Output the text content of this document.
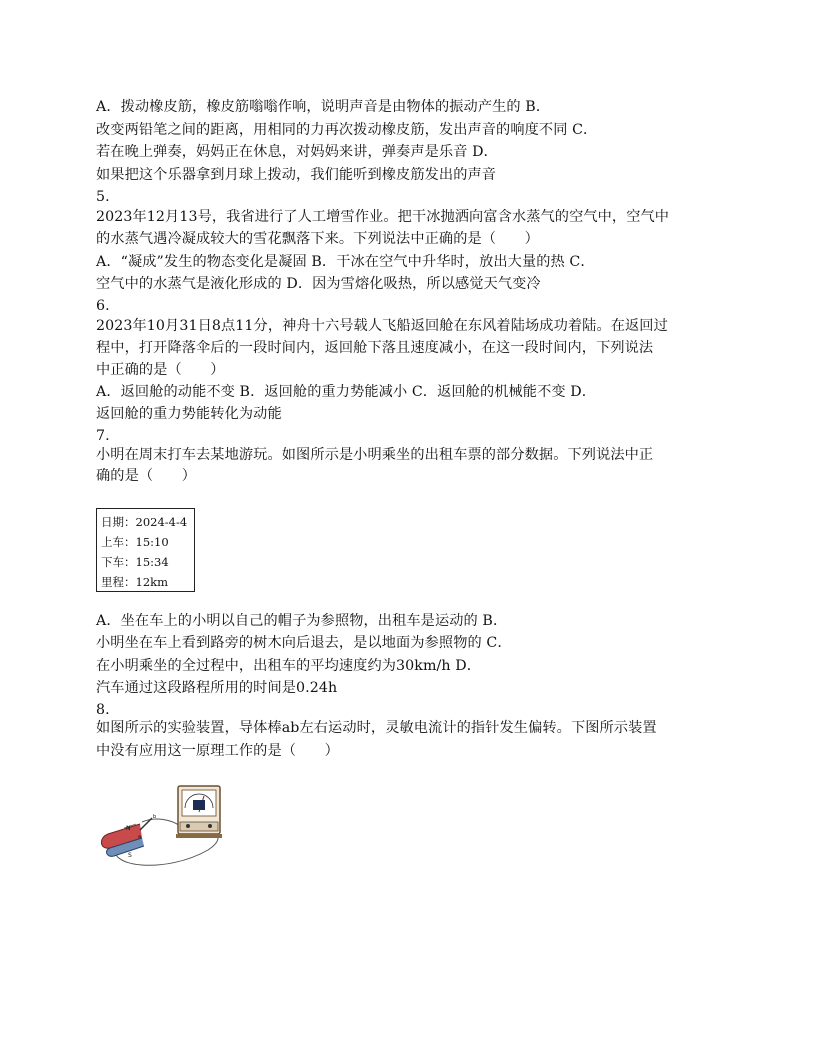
A．拨动橡皮筋，橡皮筋嗡嗡作响，说明声音是由物体的振动产生的 B．
改变两铅笔之间的距离，用相同的力再次拨动橡皮筋，发出声音的响度不同 C．
若在晚上弹奏，妈妈正在休息，对妈妈来讲，弹奏声是乐音 D．
如果把这个乐器拿到月球上拨动，我们能听到橡皮筋发出的声音
5.
2023年12月13号，我省进行了人工增雪作业。把干冰抛洒向富含水蒸气的空气中，空气中
的水蒸气遇冷凝成较大的雪花飘落下来。下列说法中正确的是（　　）
A．“凝成”发生的物态变化是凝固 B．干冰在空气中升华时，放出大量的热 C．
空气中的水蒸气是液化形成的 D．因为雪熔化吸热，所以感觉天气变冷
6.
2023年10月31日8点11分，神舟十六号载人飞船返回舱在东风着陆场成功着陆。在返回过
程中，打开降落伞后的一段时间内，返回舱下落且速度减小，在这一段时间内，下列说法
中正确的是（　　）
A．返回舱的动能不变 B．返回舱的重力势能减小 C．返回舱的机械能不变 D．
返回舱的重力势能转化为动能
7.
小明在周末打车去某地游玩。如图所示是小明乘坐的出租车票的部分数据。下列说法中正
确的是（　　）
日期：2024-4-4
上车：15:10
下车：15:34
里程：12km
A．坐在车上的小明以自己的帽子为参照物，出租车是运动的 B．
小明坐在车上看到路旁的树木向后退去，是以地面为参照物的 C．
在小明乘坐的全过程中，出租车的平均速度约为30km/h D．
汽车通过这段路程所用的时间是0.24h
8.
如图所示的实验装置，导体棒ab左右运动时，灵敏电流计的指针发生偏转。下图所示装置
中没有应用这一原理工作的是（　　）
N
S
a
b
